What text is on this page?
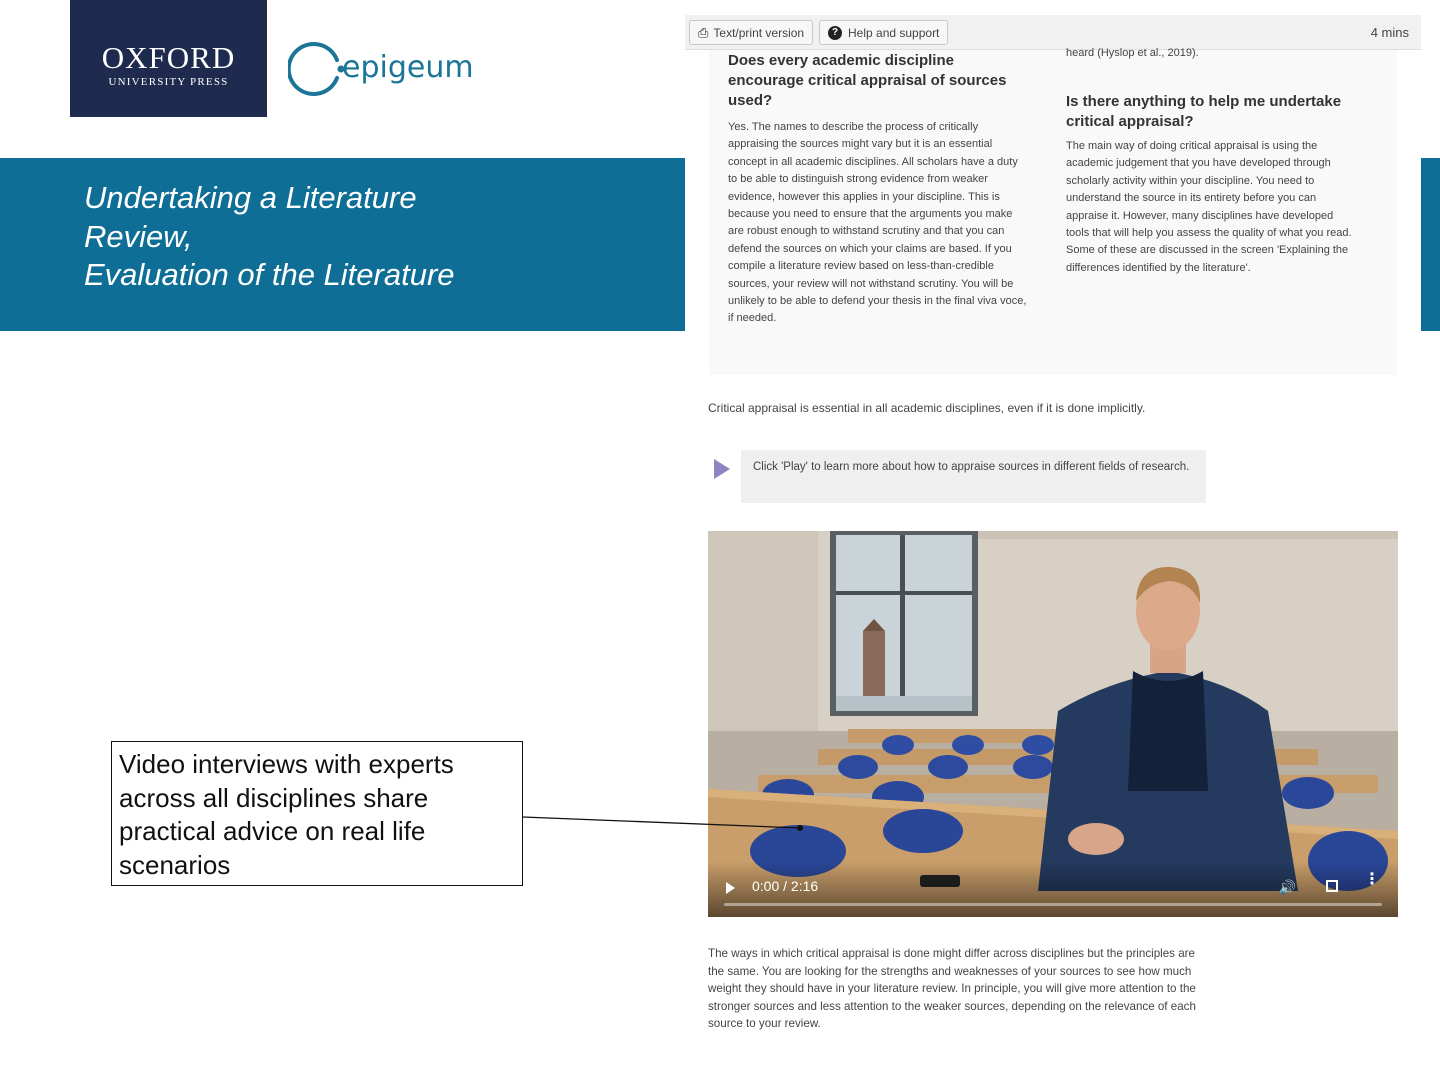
OXFORD
UNIVERSITY PRESS	epigeum
Undertaking a Literature
Review,
Evaluation of the Literature
⎙ Text/print version	? Help and support	4 mins
Does every academic discipline encourage critical appraisal of sources used?

Yes. The names to describe the process of critically appraising the sources might vary but it is an essential concept in all academic disciplines. All scholars have a duty to be able to distinguish strong evidence from weaker evidence, however this applies in your discipline. This is because you need to ensure that the arguments you make are robust enough to withstand scrutiny and that you can defend the sources on which your claims are based. If you compile a literature review based on less-than-credible sources, your review will not withstand scrutiny. You will be unlikely to be able to defend your thesis in the final viva voce, if needed.

heard (Hyslop et al., 2019).
Is there anything to help me undertake critical appraisal?

The main way of doing critical appraisal is using the academic judgement that you have developed through scholarly activity within your discipline. You need to understand the source in its entirety before you can appraise it. However, many disciplines have developed tools that will help you assess the quality of what you read. Some of these are discussed in the screen 'Explaining the differences identified by the literature'.

Critical appraisal is essential in all academic disciplines, even if it is done implicitly.
Click 'Play' to learn more about how to appraise sources in different fields of research.
0:00 / 2:16	🔊	⋮
The ways in which critical appraisal is done might differ across disciplines but the principles are the same. You are looking for the strengths and weaknesses of your sources to see how much weight they should have in your literature review. In principle, you will give more attention to the stronger sources and less attention to the weaker sources, depending on the relevance of each source to your review.
Video interviews with experts across all disciplines share practical advice on real life scenarios
